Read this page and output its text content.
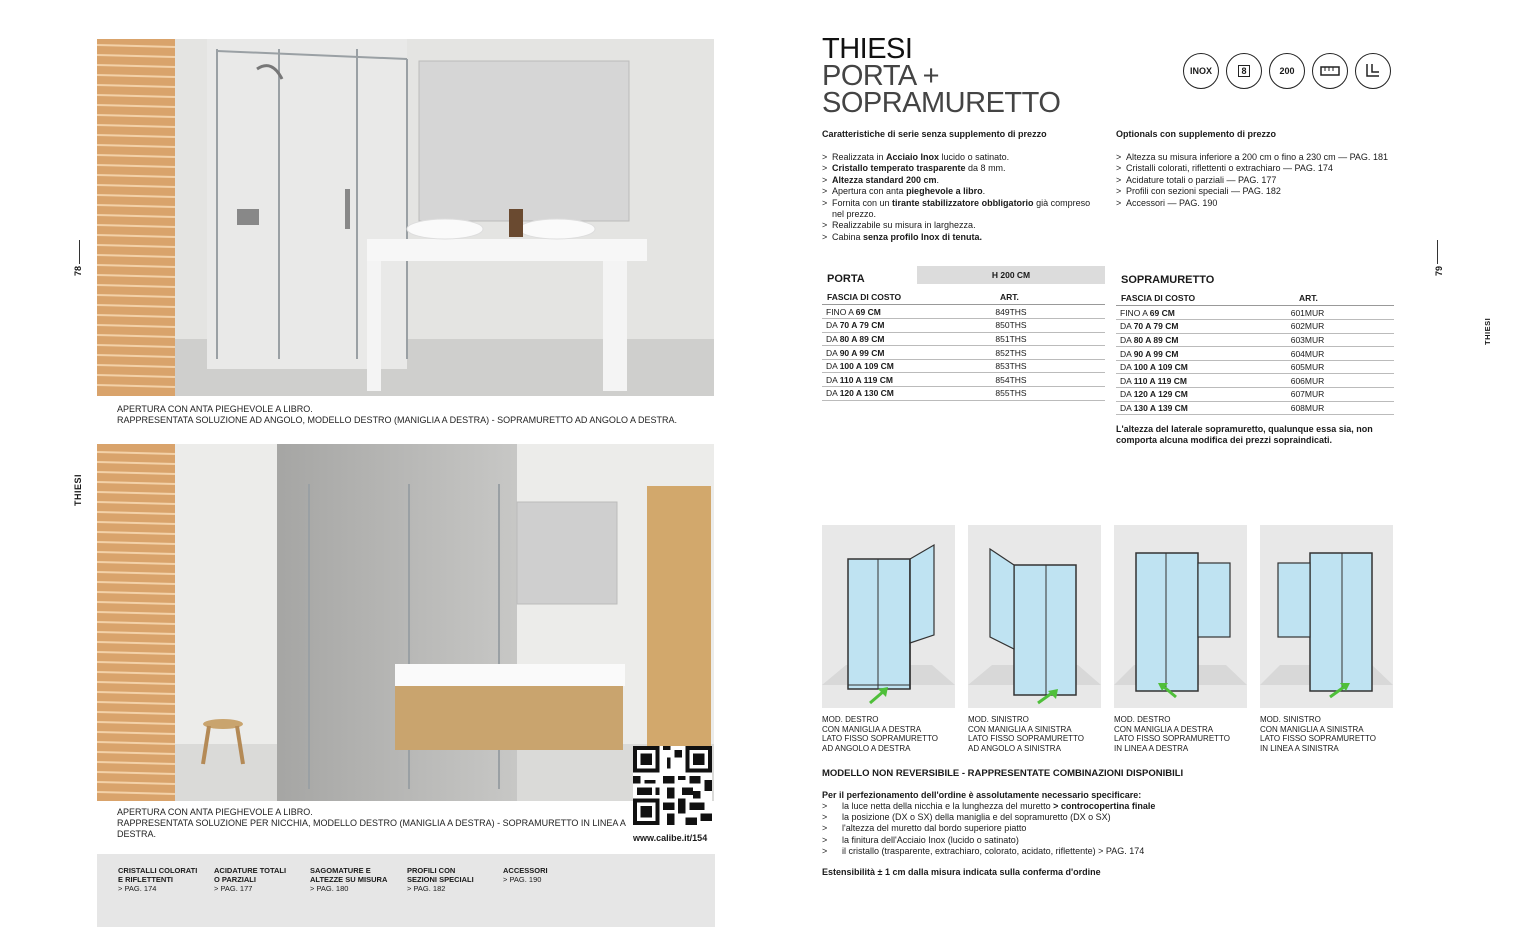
78
THIESI
APERTURA CON ANTA PIEGHEVOLE A LIBRO.
RAPPRESENTATA SOLUZIONE AD ANGOLO, MODELLO DESTRO (MANIGLIA A DESTRA) - SOPRAMURETTO AD ANGOLO A DESTRA.
APERTURA CON ANTA PIEGHEVOLE A LIBRO.
RAPPRESENTATA SOLUZIONE PER NICCHIA, MODELLO DESTRO (MANIGLIA A DESTRA) - SOPRAMURETTO IN LINEA A DESTRA.	www.calibe.it/154
CRISTALLI COLORATI
E RIFLETTENTI
> PAG. 174
ACIDATURE TOTALI
O PARZIALI
> PAG. 177
SAGOMATURE E
ALTEZZE SU MISURA
> PAG. 180
PROFILI CON
SEZIONI SPECIALI
> PAG. 182
ACCESSORI
> PAG. 190
THIESI
PORTA +
SOPRAMURETTO
INOX	8	200
Caratteristiche di serie senza supplemento di prezzo
> Realizzata in Acciaio Inox lucido o satinato.
> Cristallo temperato trasparente da 8 mm.
> Altezza standard 200 cm.
> Apertura con anta pieghevole a libro.
> Fornita con un tirante stabilizzatore obbligatorio già compreso nel prezzo.
> Realizzabile su misura in larghezza.
> Cabina senza profilo Inox di tenuta.
Optionals con supplemento di prezzo
> Altezza su misura inferiore a 200 cm o fino a 230 cm — PAG. 181
> Cristalli colorati, riflettenti o extrachiaro — PAG. 174
> Acidature totali o parziali — PAG. 177
> Profili con sezioni speciali — PAG. 182
> Accessori — PAG. 190
PORTA	H 200 CM
FASCIA DI COSTO	ART.
FINO A 69 CM	849THS
DA 70 A 79 CM	850THS
DA 80 A 89 CM	851THS
DA 90 A 99 CM	852THS
DA 100 A 109 CM	853THS
DA 110 A 119 CM	854THS
DA 120 A 130 CM	855THS
SOPRAMURETTO
FASCIA DI COSTO	ART.
FINO A 69 CM	601MUR
DA 70 A 79 CM	602MUR
DA 80 A 89 CM	603MUR
DA 90 A 99 CM	604MUR
DA 100 A 109 CM	605MUR
DA 110 A 119 CM	606MUR
DA 120 A 129 CM	607MUR
DA 130 A 139 CM	608MUR
L'altezza del laterale sopramuretto, qualunque essa sia, non comporta alcuna modifica dei prezzi sopraindicati.
MOD. DESTRO
CON MANIGLIA A DESTRA
LATO FISSO SOPRAMURETTO
AD ANGOLO A DESTRA
MOD. SINISTRO
CON MANIGLIA A SINISTRA
LATO FISSO SOPRAMURETTO
AD ANGOLO A SINISTRA
MOD. DESTRO
CON MANIGLIA A DESTRA
LATO FISSO SOPRAMURETTO
IN LINEA A DESTRA
MOD. SINISTRO
CON MANIGLIA A SINISTRA
LATO FISSO SOPRAMURETTO
IN LINEA A SINISTRA
MODELLO NON REVERSIBILE - RAPPRESENTATE COMBINAZIONI DISPONIBILI
Per il perfezionamento dell'ordine è assolutamente necessario specificare:
> la luce netta della nicchia e la lunghezza del muretto > controcopertina finale
> la posizione (DX o SX) della maniglia e del sopramuretto (DX o SX)
> l'altezza del muretto dal bordo superiore piatto
> la finitura dell'Acciaio Inox (lucido o satinato)
> il cristallo (trasparente, extrachiaro, colorato, acidato, riflettente) > PAG. 174
Estensibilità ± 1 cm dalla misura indicata sulla conferma d'ordine
79
THIESI
